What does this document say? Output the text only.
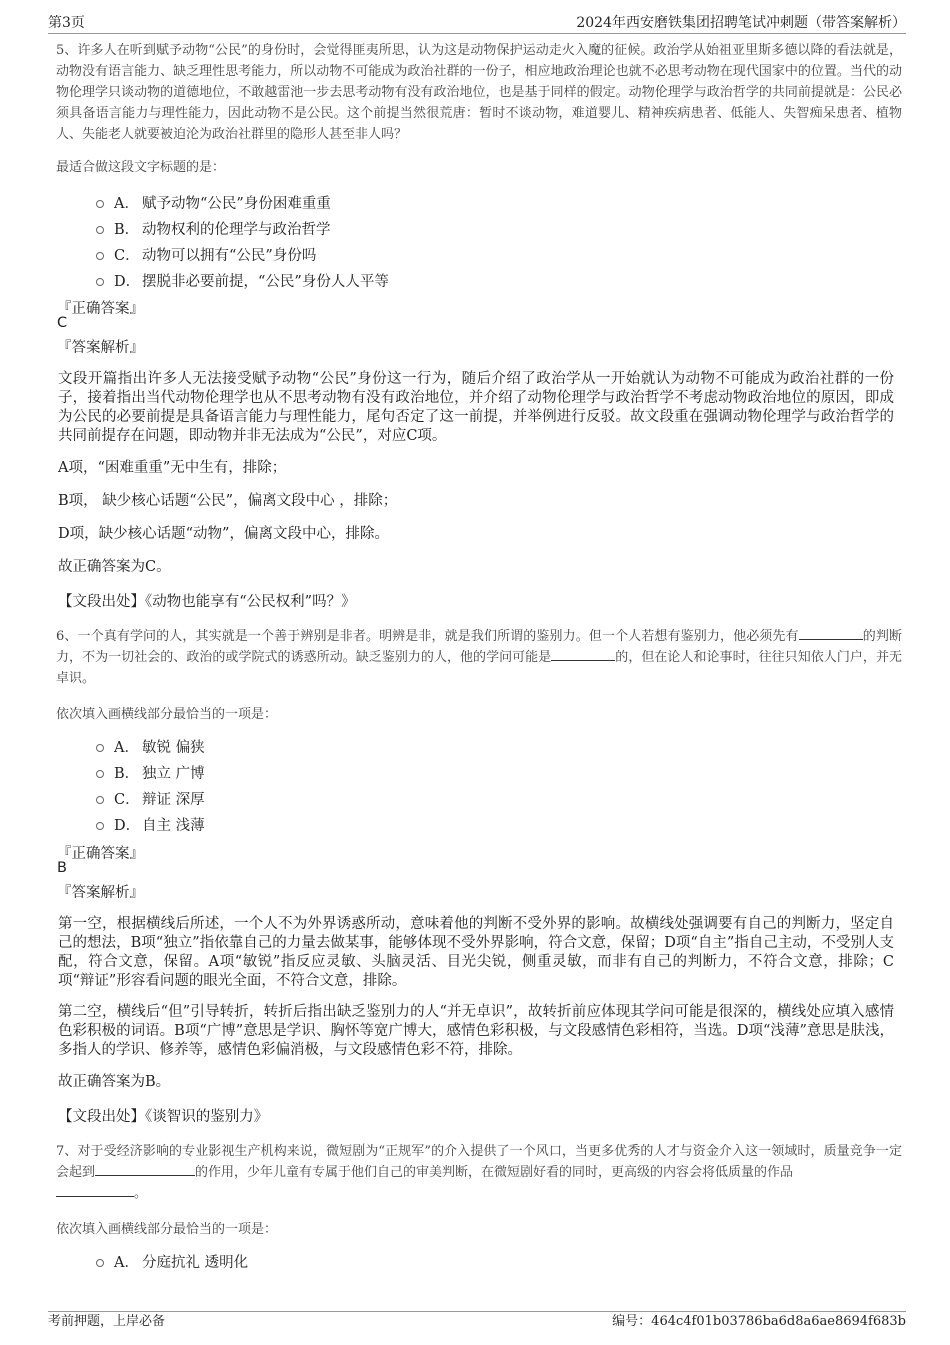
第3页	2024年西安磨铁集团招聘笔试冲刺题（带答案解析）
5、许多人在听到赋予动物“公民”的身份时，会觉得匪夷所思，认为这是动物保护运动走火入魔的征候。政治学从始祖亚里斯多德以降的看法就是，动物没有语言能力、缺乏理性思考能力，所以动物不可能成为政治社群的一份子，相应地政治理论也就不必思考动物在现代国家中的位置。当代的动物伦理学只谈动物的道德地位，不敢越雷池一步去思考动物有没有政治地位，也是基于同样的假定。动物伦理学与政治哲学的共同前提就是：公民必须具备语言能力与理性能力，因此动物不是公民。这个前提当然很荒唐：暂时不谈动物，难道婴儿、精神疾病患者、低能人、失智痴呆患者、植物人、失能老人就要被迫沦为政治社群里的隐形人甚至非人吗？
最适合做这段文字标题的是：
A． 赋予动物“公民”身份困难重重
B． 动物权利的伦理学与政治哲学
C． 动物可以拥有“公民”身份吗
D． 摆脱非必要前提，“公民”身份人人平等
『正确答案』
C
『答案解析』
文段开篇指出许多人无法接受赋予动物“公民”身份这一行为，随后介绍了政治学从一开始就认为动物不可能成为政治社群的一份子，接着指出当代动物伦理学也从不思考动物有没有政治地位，并介绍了动物伦理学与政治哲学不考虑动物政治地位的原因，即成为公民的必要前提是具备语言能力与理性能力，尾句否定了这一前提，并举例进行反驳。故文段重在强调动物伦理学与政治哲学的共同前提存在问题，即动物并非无法成为“公民”，对应C项。
A项，“困难重重”无中生有，排除；
B项， 缺少核心话题“公民”，偏离文段中心 ，排除；
D项，缺少核心话题“动物”，偏离文段中心，排除。
故正确答案为C。
【文段出处】《动物也能享有“公民权利”吗？》
6、一个真有学问的人，其实就是一个善于辨别是非者。明辨是非，就是我们所谓的鉴别力。但一个人若想有鉴别力，他必须先有	的判断力，不为一切社会的、政治的或学院式的诱惑所动。缺乏鉴别力的人，他的学问可能是	的，但在论人和论事时，往往只知依人门户，并无卓识。
依次填入画横线部分最恰当的一项是：
A． 敏锐 偏狭
B． 独立 广博
C． 辩证 深厚
D． 自主 浅薄
『正确答案』
B
『答案解析』
第一空，根据横线后所述，一个人不为外界诱惑所动，意味着他的判断不受外界的影响。故横线处强调要有自己的判断力，坚定自己的想法，B项“独立”指依靠自己的力量去做某事，能够体现不受外界影响，符合文意，保留；D项“自主”指自己主动，不受别人支配，符合文意，保留。A项“敏锐”指反应灵敏、头脑灵活、目光尖锐，侧重灵敏，而非有自己的判断力，不符合文意，排除；C项“辩证”形容看问题的眼光全面，不符合文意，排除。
第二空，横线后“但”引导转折，转折后指出缺乏鉴别力的人“并无卓识”，故转折前应体现其学问可能是很深的，横线处应填入感情色彩积极的词语。B项“广博”意思是学识、胸怀等宽广博大，感情色彩积极，与文段感情色彩相符，当选。D项“浅薄”意思是肤浅，多指人的学识、修养等，感情色彩偏消极，与文段感情色彩不符，排除。
故正确答案为B。
【文段出处】《谈智识的鉴别力》
7、对于受经济影响的专业影视生产机构来说，微短剧为“正规军”的介入提供了一个风口，当更多优秀的人才与资金介入这一领域时，质量竞争一定会起到	的作用，少年儿童有专属于他们自己的审美判断，在微短剧好看的同时，更高级的内容会将低质量的作品
。
依次填入画横线部分最恰当的一项是：
A． 分庭抗礼 透明化
考前押题，上岸必备	编号：464c4f01b03786ba6d8a6ae8694f683b
